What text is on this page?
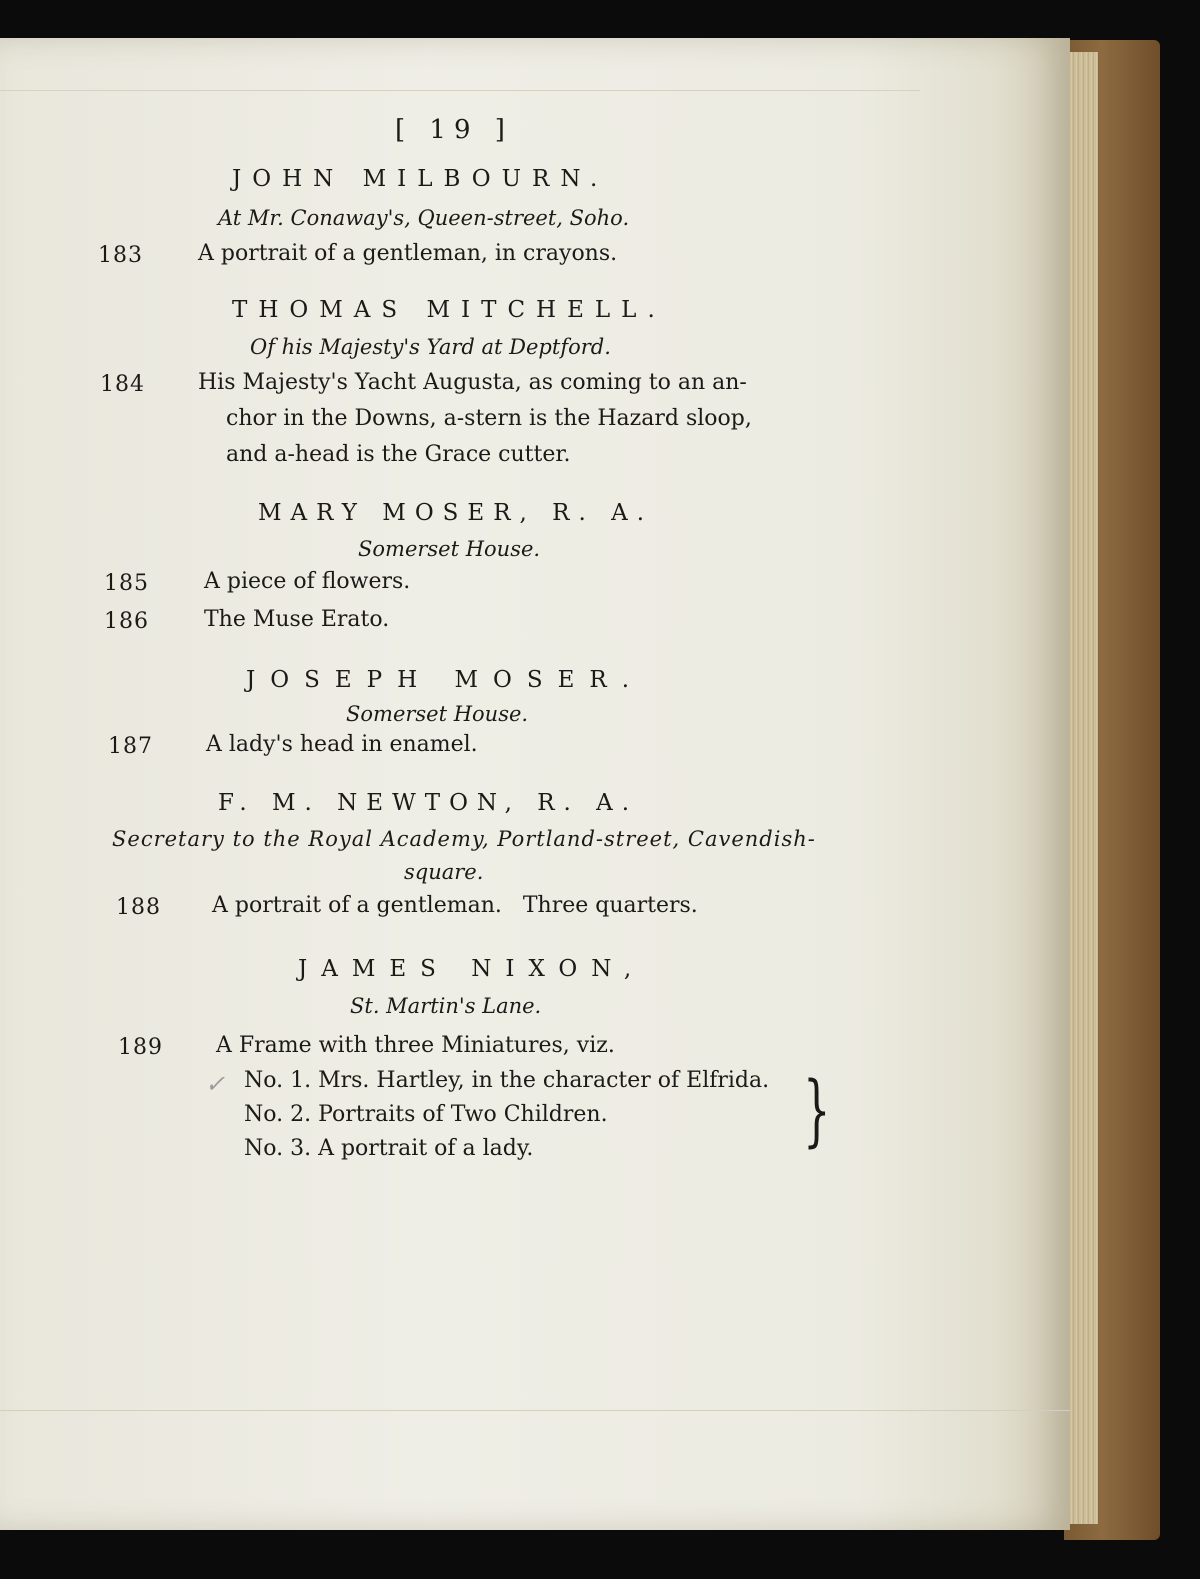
[ 19 ]
JOHN MILBOURN.
At Mr. Conaway's, Queen-street, Soho.
183	A portrait of a gentleman, in crayons.
THOMAS MITCHELL.
Of his Majesty's Yard at Deptford.
184 His Majesty's Yacht Augusta, as coming to an an-
chor in the Downs, a-stern is the Hazard sloop,
and a-head is the Grace cutter.
MARY MOSER, R. A.
Somerset House.
185	A piece of flowers.
186	The Muse Erato.
JOSEPH MOSER.
Somerset House.
187 A lady's head in enamel.
F. M. NEWTON, R. A.
Secretary to the Royal Academy, Portland-street, Cavendish-
square.
188 A portrait of a gentleman.   Three quarters.
JAMES NIXON,
St. Martin's Lane.
189 A Frame with three Miniatures, viz.
✓ No. 1. Mrs. Hartley, in the character of Elfrida.
No. 2. Portraits of Two Children.
No. 3. A portrait of a lady.	}
